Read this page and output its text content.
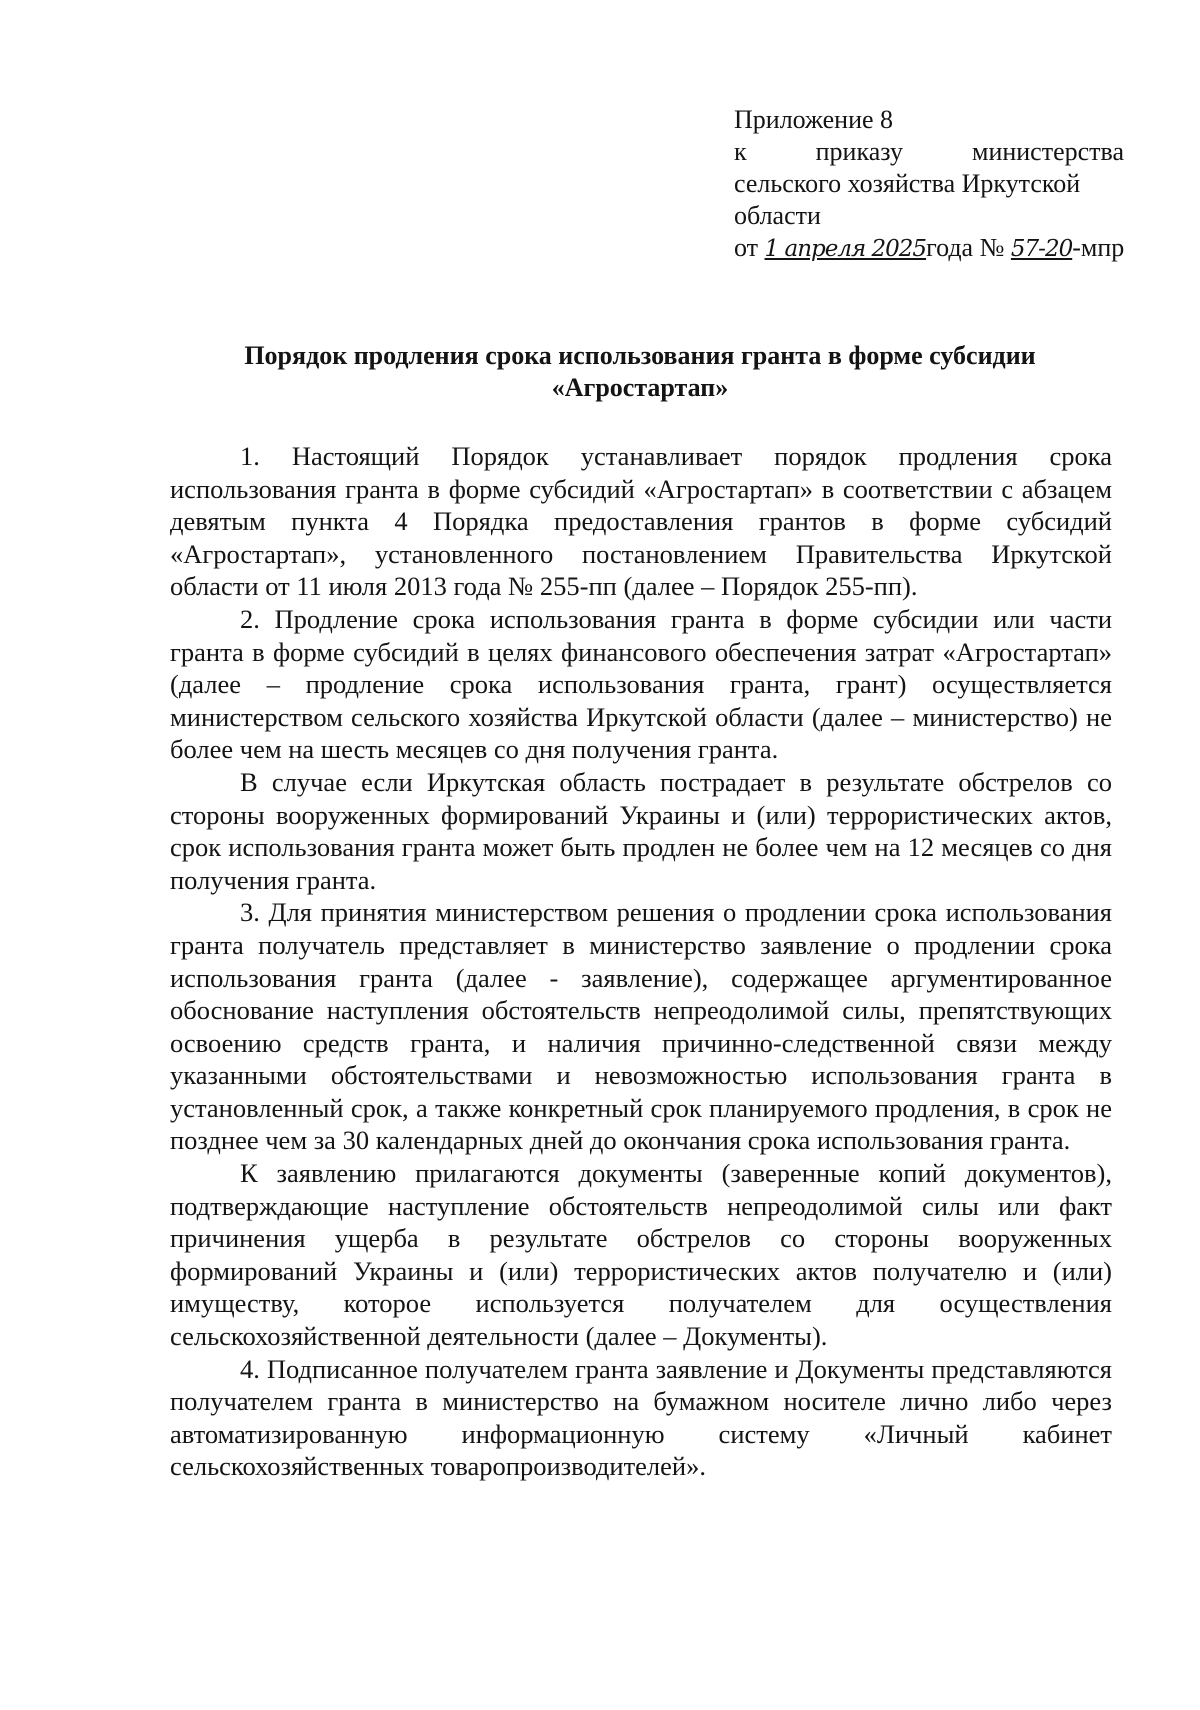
Приложение 8
к	приказу	министерства
сельского хозяйства Иркутской
области
от 1 апреля 2025года № 57-20-мпр
Порядок продления срока использования гранта в форме субсидии
«Агростартап»

1. Настоящий Порядок устанавливает порядок продления срока использования гранта в форме субсидий «Агростартап» в соответствии с абзацем девятым пункта 4 Порядка предоставления грантов в форме субсидий «Агростартап», установленного постановлением Правительства Иркутской области от 11 июля 2013 года № 255-пп (далее – Порядок 255-пп).

2. Продление срока использования гранта в форме субсидии или части гранта в форме субсидий в целях финансового обеспечения затрат «Агростартап» (далее – продление срока использования гранта, грант) осуществляется министерством сельского хозяйства Иркутской области (далее – министерство) не более чем на шесть месяцев со дня получения гранта.

В случае если Иркутская область пострадает в результате обстрелов со стороны вооруженных формирований Украины и (или) террористических актов, срок использования гранта может быть продлен не более чем на 12 месяцев со дня получения гранта.

3. Для принятия министерством решения о продлении срока использования гранта получатель представляет в министерство заявление о продлении срока использования гранта (далее - заявление), содержащее аргументированное обоснование наступления обстоятельств непреодолимой силы, препятствующих освоению средств гранта, и наличия причинно-следственной связи между указанными обстоятельствами и невозможностью использования гранта в установленный срок, а также конкретный срок планируемого продления, в срок не позднее чем за 30 календарных дней до окончания срока использования гранта.

К заявлению прилагаются документы (заверенные копий документов), подтверждающие наступление обстоятельств непреодолимой силы или факт причинения ущерба в результате обстрелов со стороны вооруженных формирований Украины и (или) террористических актов получателю и (или) имуществу, которое используется получателем для осуществления сельскохозяйственной деятельности (далее – Документы).

4. Подписанное получателем гранта заявление и Документы представляются получателем гранта в министерство на бумажном носителе лично либо через автоматизированную информационную систему «Личный кабинет сельскохозяйственных товаропроизводителей».
